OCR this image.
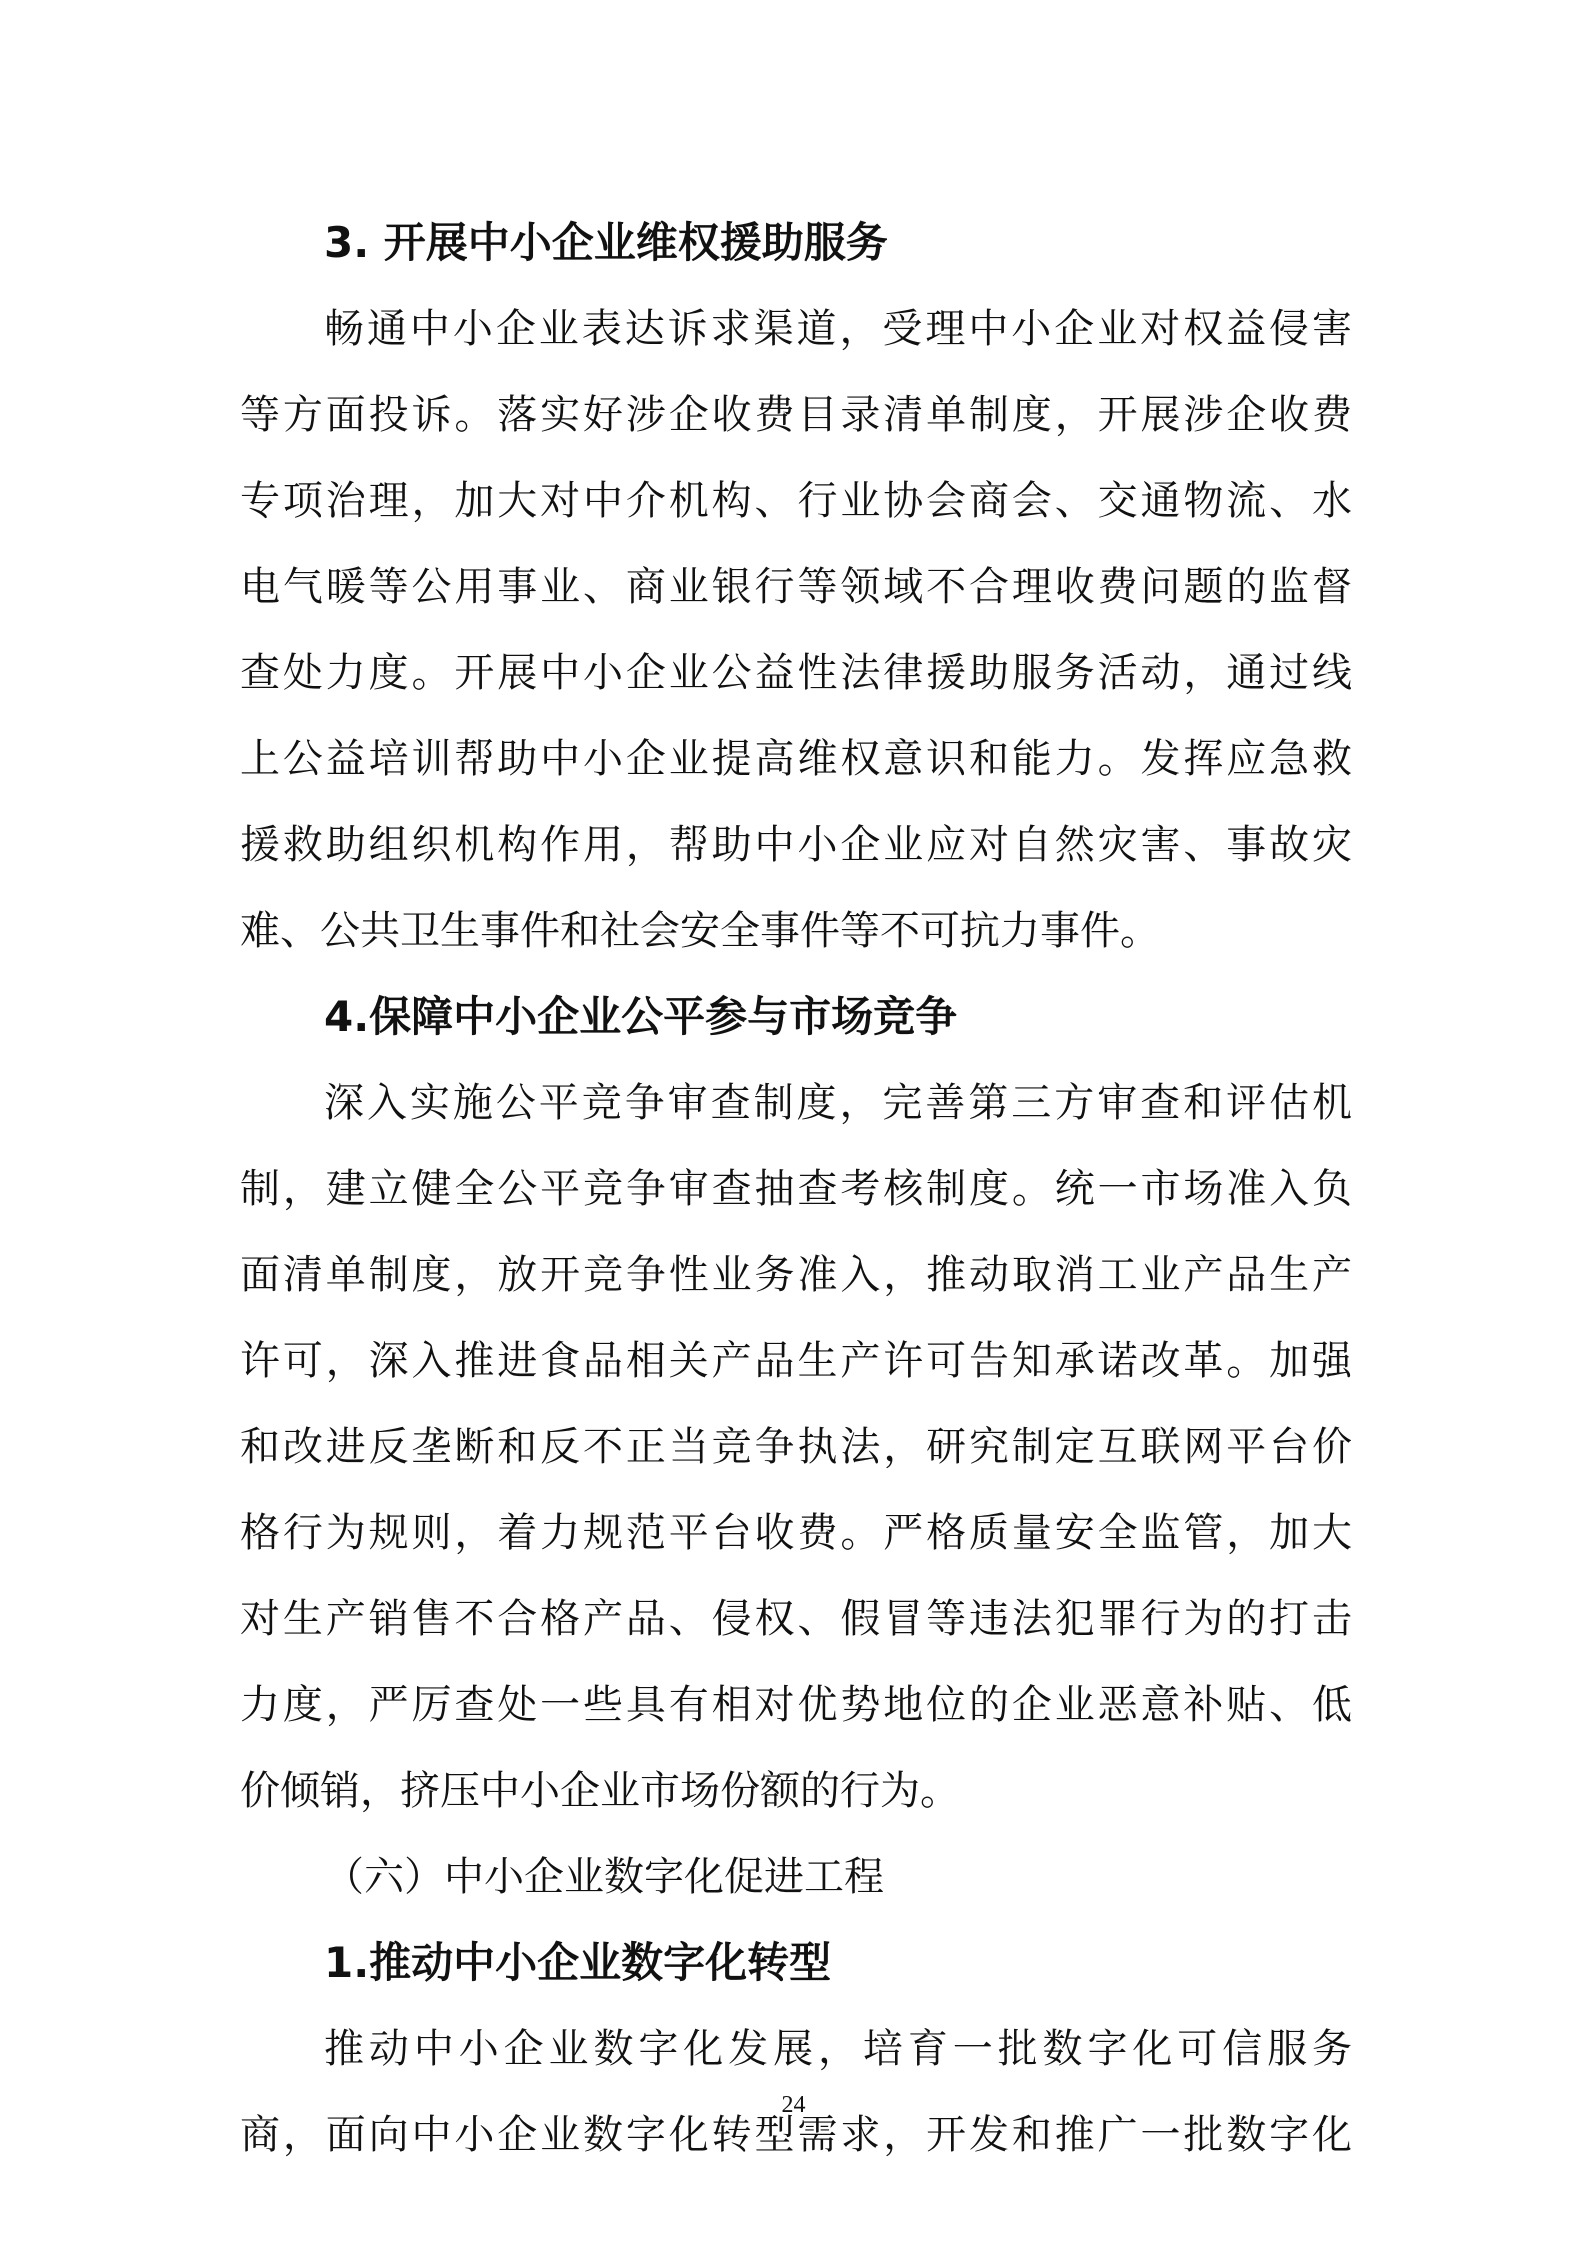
3. 开展中小企业维权援助服务
畅通中小企业表达诉求渠道，受理中小企业对权益侵害
等方面投诉。落实好涉企收费目录清单制度，开展涉企收费
专项治理，加大对中介机构、行业协会商会、交通物流、水
电气暖等公用事业、商业银行等领域不合理收费问题的监督
查处力度。开展中小企业公益性法律援助服务活动，通过线
上公益培训帮助中小企业提高维权意识和能力。发挥应急救
援救助组织机构作用，帮助中小企业应对自然灾害、事故灾
难、公共卫生事件和社会安全事件等不可抗力事件。
4.保障中小企业公平参与市场竞争
深入实施公平竞争审查制度，完善第三方审查和评估机
制，建立健全公平竞争审查抽查考核制度。统一市场准入负
面清单制度，放开竞争性业务准入，推动取消工业产品生产
许可，深入推进食品相关产品生产许可告知承诺改革。加强
和改进反垄断和反不正当竞争执法，研究制定互联网平台价
格行为规则，着力规范平台收费。严格质量安全监管，加大
对生产销售不合格产品、侵权、假冒等违法犯罪行为的打击
力度，严厉查处一些具有相对优势地位的企业恶意补贴、低
价倾销，挤压中小企业市场份额的行为。
（六）中小企业数字化促进工程
1.推动中小企业数字化转型
推动中小企业数字化发展，培育一批数字化可信服务
商，面向中小企业数字化转型需求，开发和推广一批数字化
24
